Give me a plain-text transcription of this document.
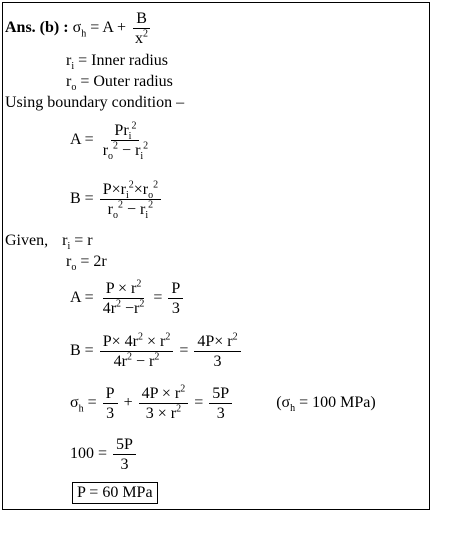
Ans. (b) : $\sigma_h = A + \frac{B}{x^2}$
$r_i$ = Inner radius
$r_o$ = Outer radius
Using boundary condition –
$A = \frac{Pr_i^2}{r_o^2 - r_i^2}$
$B = \frac{P\times r_i^2\times r_o^2}{r_o^2 - r_i^2}$
Given, $r_i = r$
$r_o = 2r$
$A = \frac{P \times r^2}{4r^2 -r^2} = \frac{P}{3}$
$B = \frac{P\times 4r^2 \times r^2}{4r^2 - r^2} = \frac{4P\times r^2}{3}$
$\sigma_h = \frac{P}{3} + \frac{4P \times r^2}{3 \times r^2} = \frac{5P}{3}$	($\sigma_h = 100$ MPa)
$100 = \frac{5P}{3}$
P = 60 MPa
